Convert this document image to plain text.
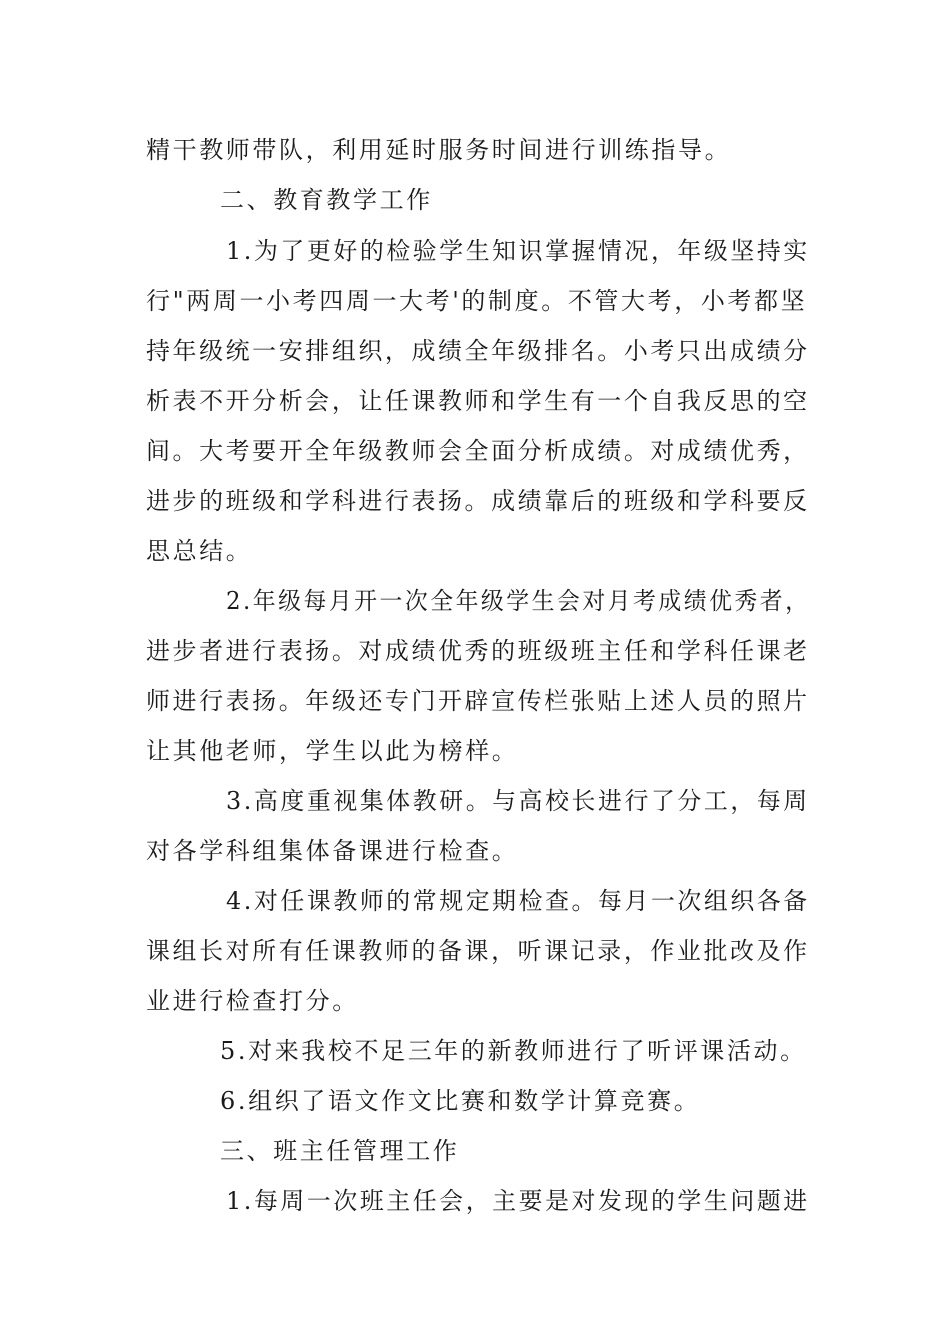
精干教师带队，利用延时服务时间进行训练指导。
二、教育教学工作
1.为了更好的检验学生知识掌握情况，年级坚持实
行"两周一小考四周一大考'的制度。不管大考，小考都坚
持年级统一安排组织，成绩全年级排名。小考只出成绩分
析表不开分析会，让任课教师和学生有一个自我反思的空
间。大考要开全年级教师会全面分析成绩。对成绩优秀，
进步的班级和学科进行表扬。成绩靠后的班级和学科要反
思总结。
2.年级每月开一次全年级学生会对月考成绩优秀者，
进步者进行表扬。对成绩优秀的班级班主任和学科任课老
师进行表扬。年级还专门开辟宣传栏张贴上述人员的照片
让其他老师，学生以此为榜样。
3.高度重视集体教研。与高校长进行了分工，每周
对各学科组集体备课进行检查。
4.对任课教师的常规定期检查。每月一次组织各备
课组长对所有任课教师的备课，听课记录，作业批改及作
业进行检查打分。
5.对来我校不足三年的新教师进行了听评课活动。
6.组织了语文作文比赛和数学计算竞赛。
三、班主任管理工作
1.每周一次班主任会，主要是对发现的学生问题进
